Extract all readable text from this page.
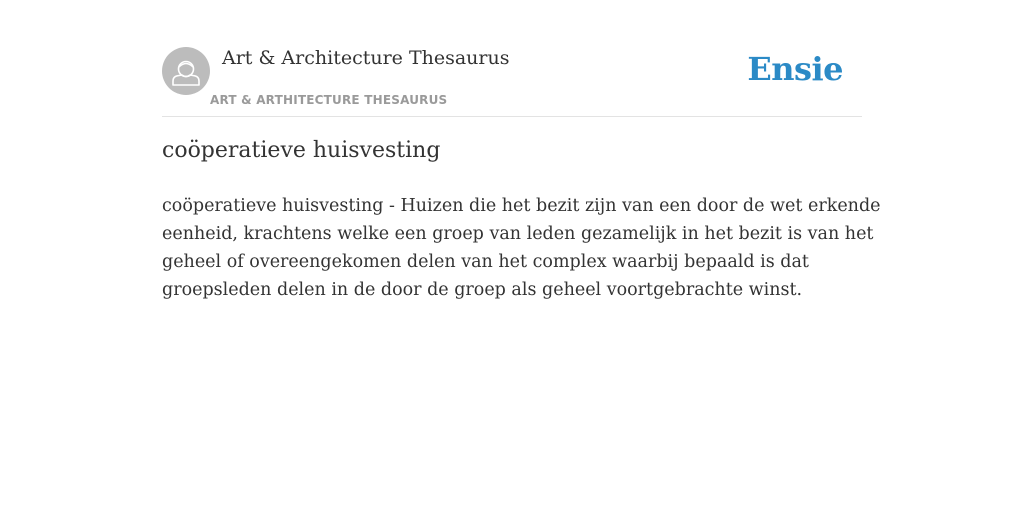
Art & Architecture Thesaurus
ART & ARTHITECTURE THESAURUS
Ensie
coöperatieve huisvesting

coöperatieve huisvesting - Huizen die het bezit zijn van een door de wet erkende
eenheid, krachtens welke een groep van leden gezamelijk in het bezit is van het
geheel of overeengekomen delen van het complex waarbij bepaald is dat
groepsleden delen in de door de groep als geheel voortgebrachte winst.
